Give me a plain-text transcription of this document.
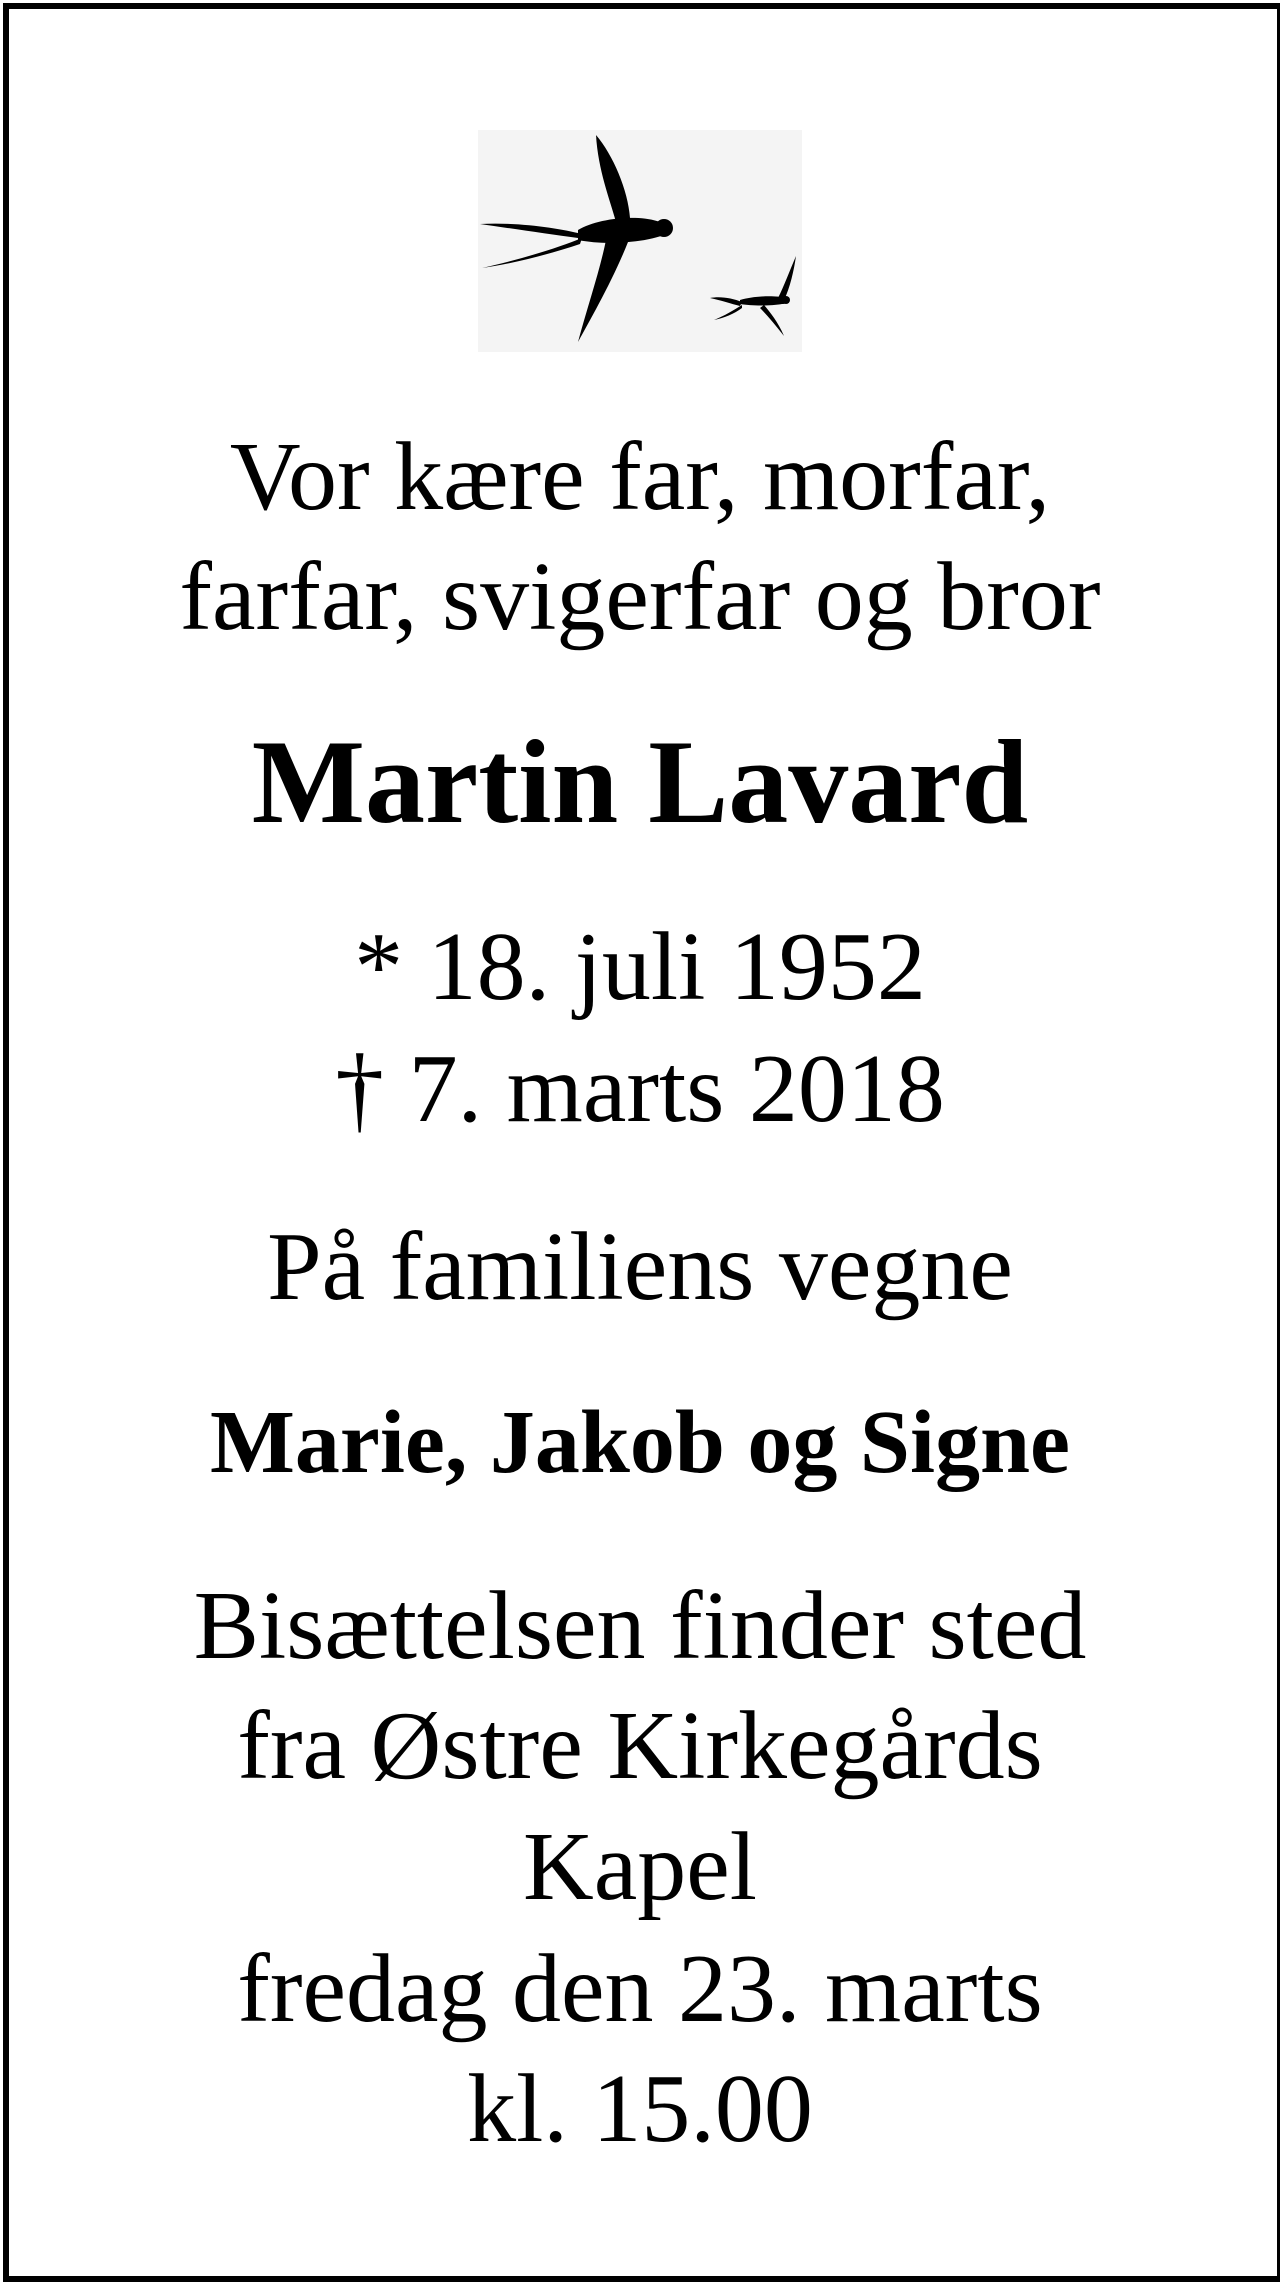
Vor kære far, morfar,
farfar, svigerfar og bror
Martin Lavard
* 18. juli 1952
† 7. marts 2018
På familiens vegne
Marie, Jakob og Signe
Bisættelsen finder sted
fra Østre Kirkegårds
Kapel
fredag den 23. marts
kl. 15.00
